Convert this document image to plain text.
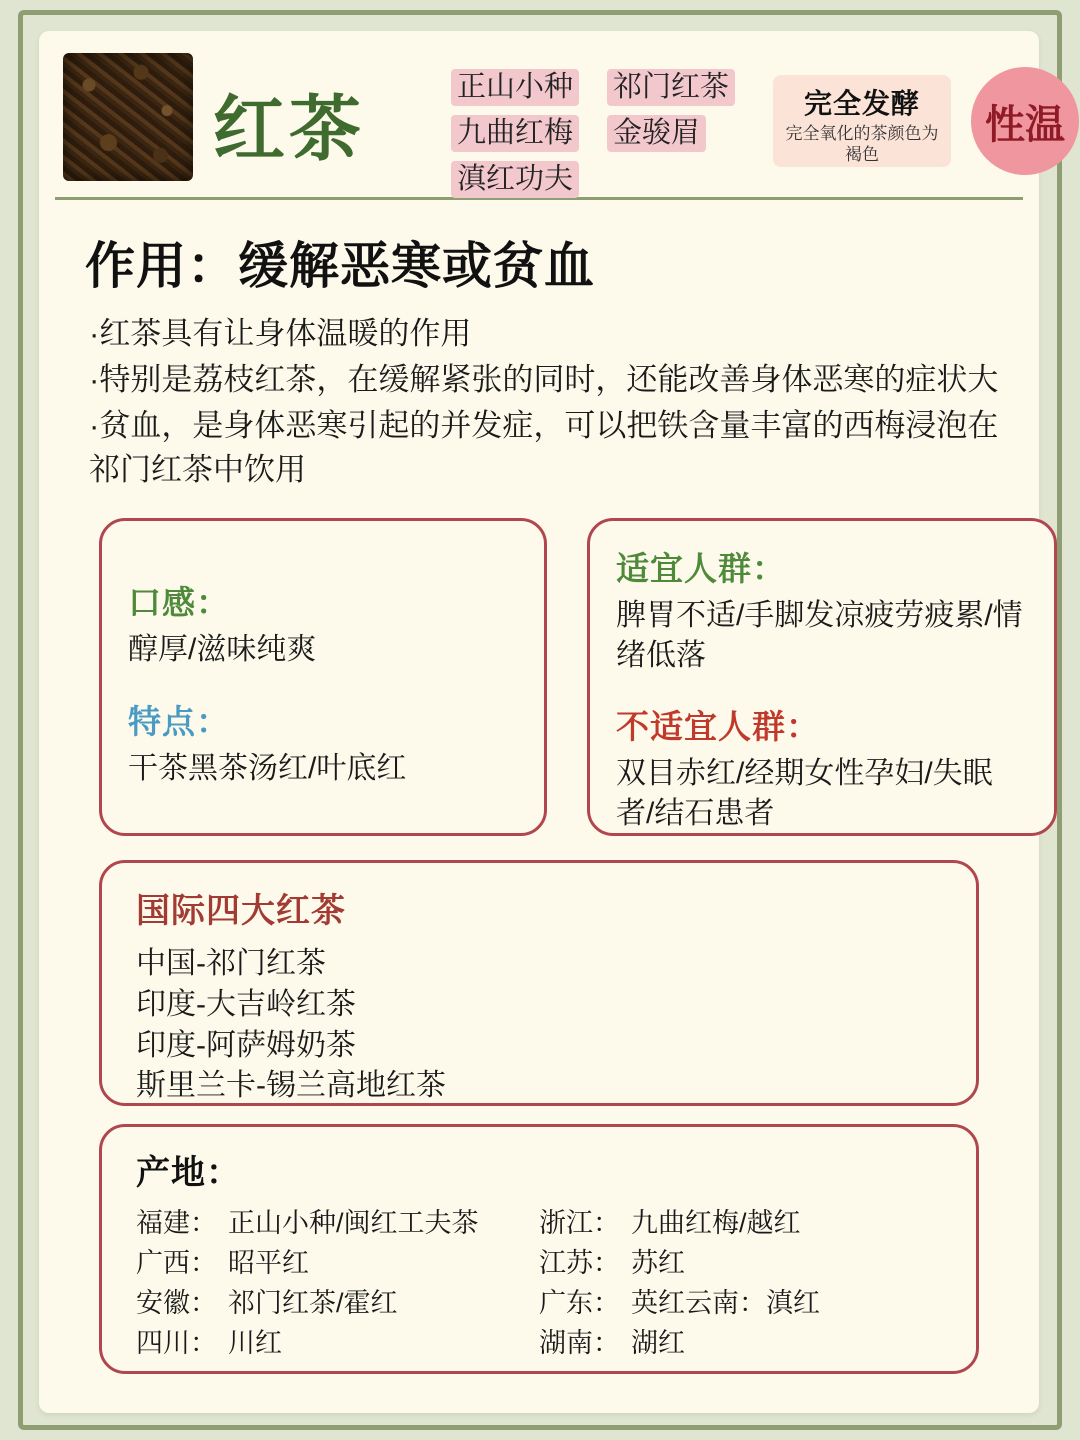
红茶
正山小种
九曲红梅
滇红功夫
祁门红茶
金骏眉
完全发酵
完全氧化的茶颜色为褐色
性温
作用：缓解恶寒或贫血

·红茶具有让身体温暖的作用

·特别是荔枝红茶，在缓解紧张的同时，还能改善身体恶寒的症状大

·贫血，是身体恶寒引起的并发症，可以把铁含量丰富的西梅浸泡在祁门红茶中饮用

口感：
醇厚/滋味纯爽
特点：
干茶黑茶汤红/叶底红
适宜人群：
脾胃不适/手脚发凉疲劳疲累/情绪低落
不适宜人群：
双目赤红/经期女性孕妇/失眠者/结石患者
国际四大红茶
中国-祁门红茶
印度-大吉岭红茶
印度-阿萨姆奶茶
斯里兰卡-锡兰高地红茶
产地：
福建： 正山小种/闽红工夫茶
广西： 昭平红
安徽： 祁门红茶/霍红
四川： 川红
浙江： 九曲红梅/越红
江苏： 苏红
广东： 英红云南：滇红
湖南： 湖红
